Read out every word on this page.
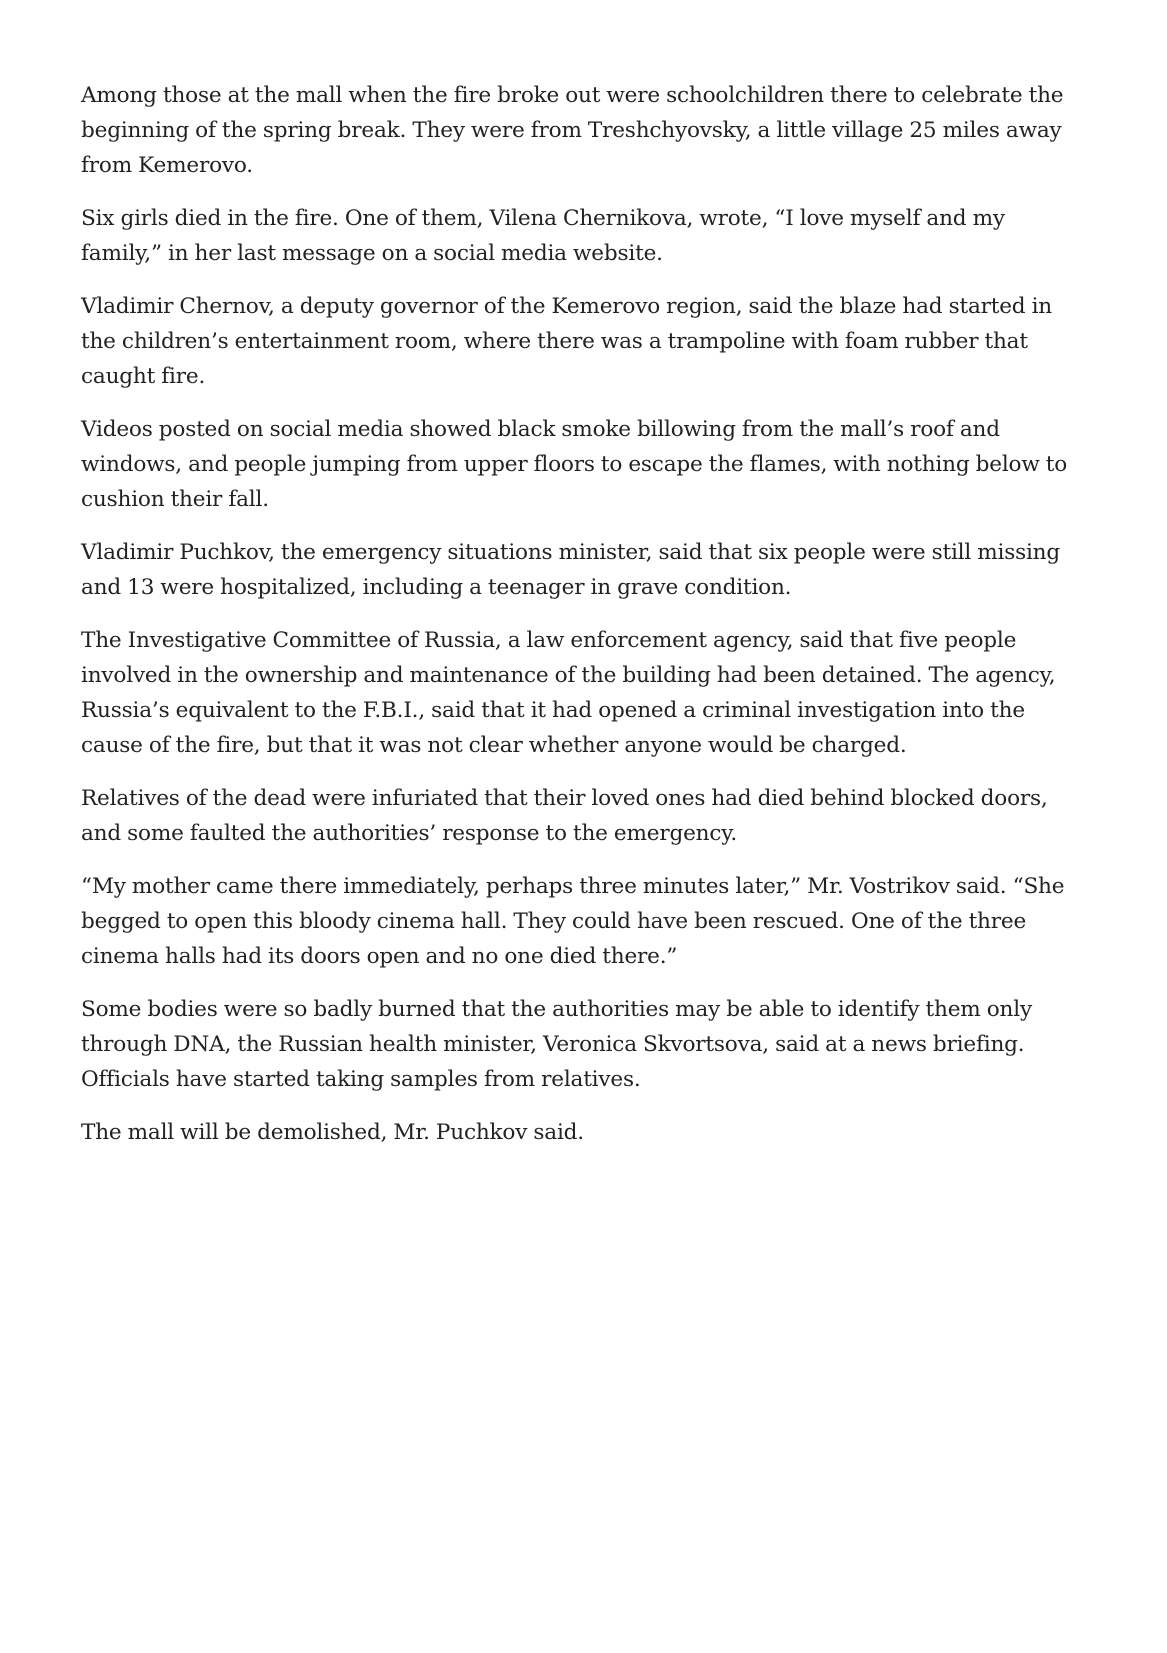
Among those at the mall when the fire broke out were schoolchildren there to celebrate the beginning of the spring break. They were from Treshchyovsky, a little village 25 miles away from Kemerovo.

Six girls died in the fire. One of them, Vilena Chernikova, wrote, “I love myself and my family,” in her last message on a social media website.

Vladimir Chernov, a deputy governor of the Kemerovo region, said the blaze had started in the children’s entertainment room, where there was a trampoline with foam rubber that caught fire.

Videos posted on social media showed black smoke billowing from the mall’s roof and windows, and people jumping from upper floors to escape the flames, with nothing below to cushion their fall.

Vladimir Puchkov, the emergency situations minister, said that six people were still missing and 13 were hospitalized, including a teenager in grave condition.

The Investigative Committee of Russia, a law enforcement agency, said that five people involved in the ownership and maintenance of the building had been detained. The agency, Russia’s equivalent to the F.B.I., said that it had opened a criminal investigation into the cause of the fire, but that it was not clear whether anyone would be charged.

Relatives of the dead were infuriated that their loved ones had died behind blocked doors, and some faulted the authorities’ response to the emergency.

“My mother came there immediately, perhaps three minutes later,” Mr. Vostrikov said. “She begged to open this bloody cinema hall. They could have been rescued. One of the three cinema halls had its doors open and no one died there.”

Some bodies were so badly burned that the authorities may be able to identify them only through DNA, the Russian health minister, Veronica Skvortsova, said at a news briefing. Officials have started taking samples from relatives.

The mall will be demolished, Mr. Puchkov said.
